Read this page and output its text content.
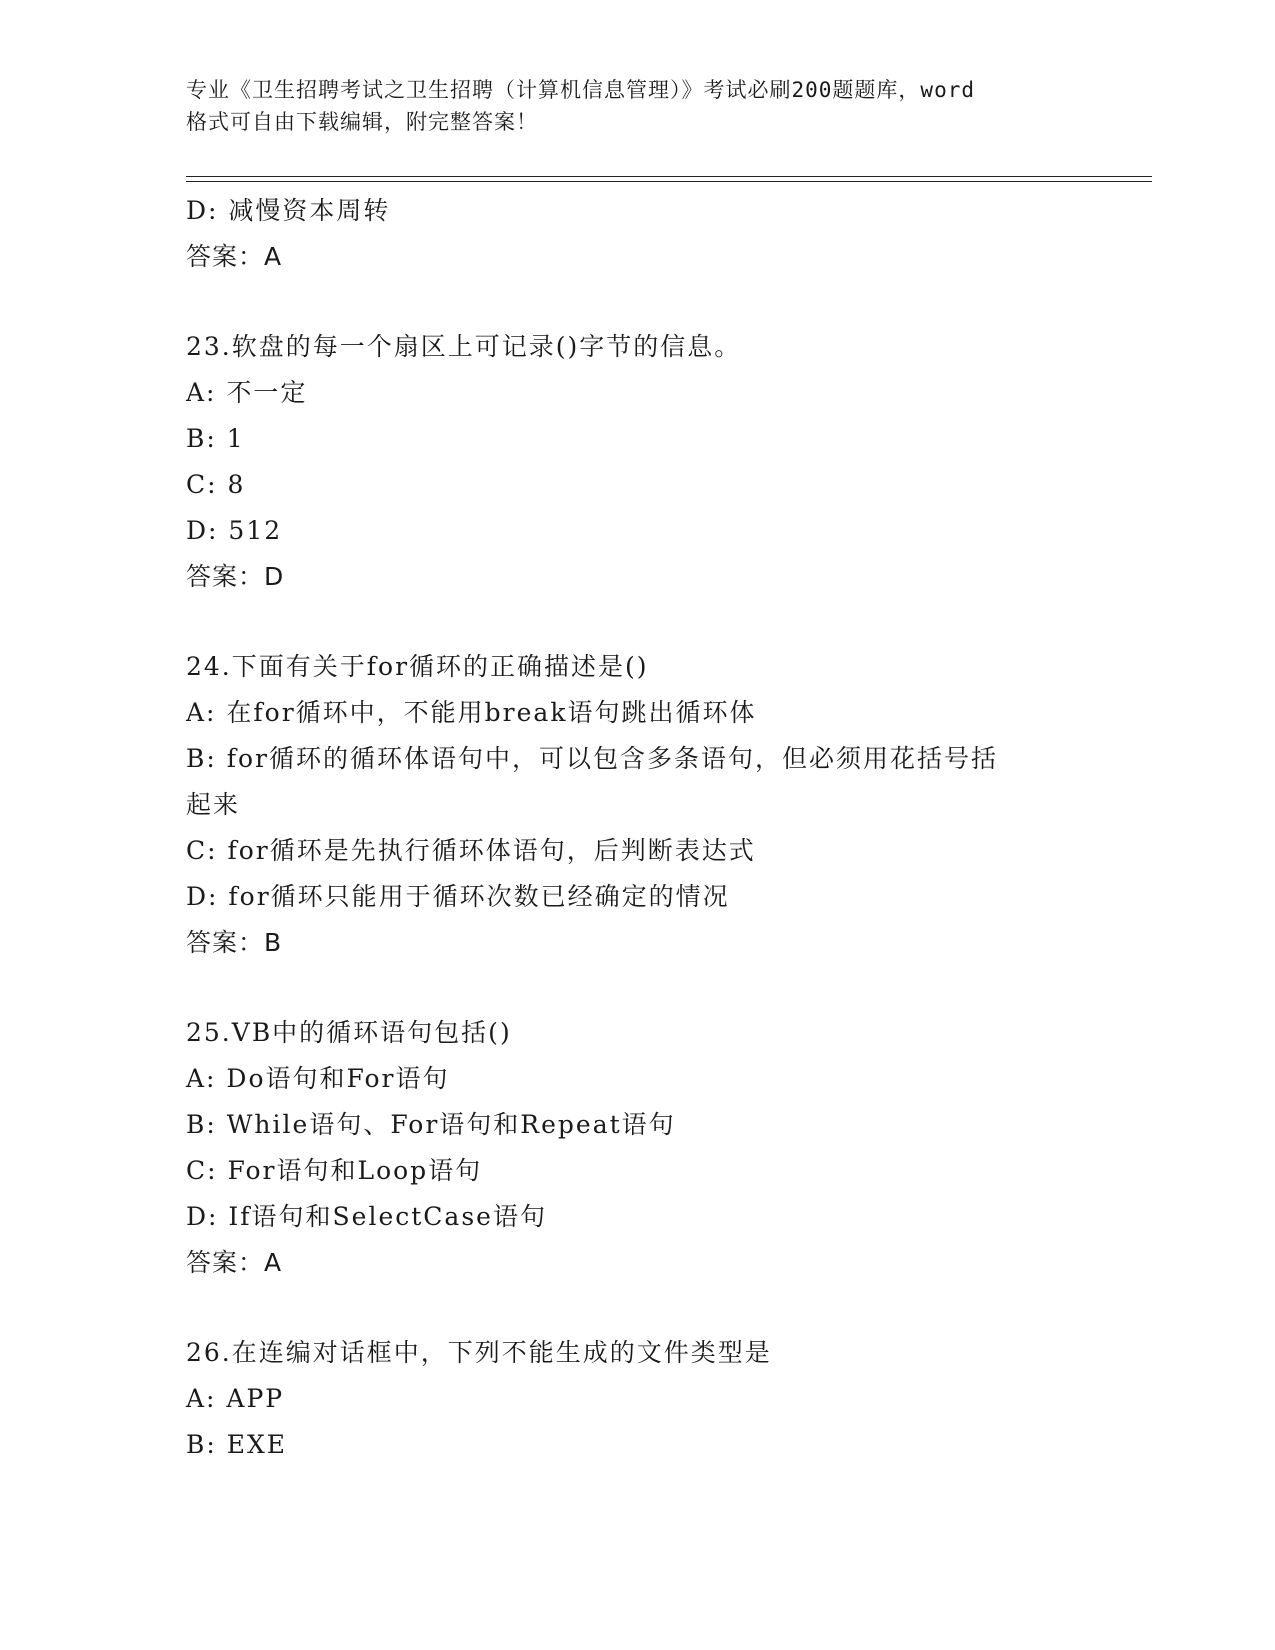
专业《卫生招聘考试之卫生招聘（计算机信息管理）》考试必刷200题题库，word
格式可自由下载编辑，附完整答案！
D: 减慢资本周转
答案：A
23.软盘的每一个扇区上可记录()字节的信息。
A: 不一定
B: 1
C: 8
D: 512
答案：D
24.下面有关于for循环的正确描述是()
A: 在for循环中，不能用break语句跳出循环体
B: for循环的循环体语句中，可以包含多条语句，但必须用花括号括
起来
C: for循环是先执行循环体语句，后判断表达式
D: for循环只能用于循环次数已经确定的情况
答案：B
25.VB中的循环语句包括()
A: Do语句和For语句
B: While语句、For语句和Repeat语句
C: For语句和Loop语句
D: If语句和SelectCase语句
答案：A
26.在连编对话框中，下列不能生成的文件类型是
A: APP
B: EXE
